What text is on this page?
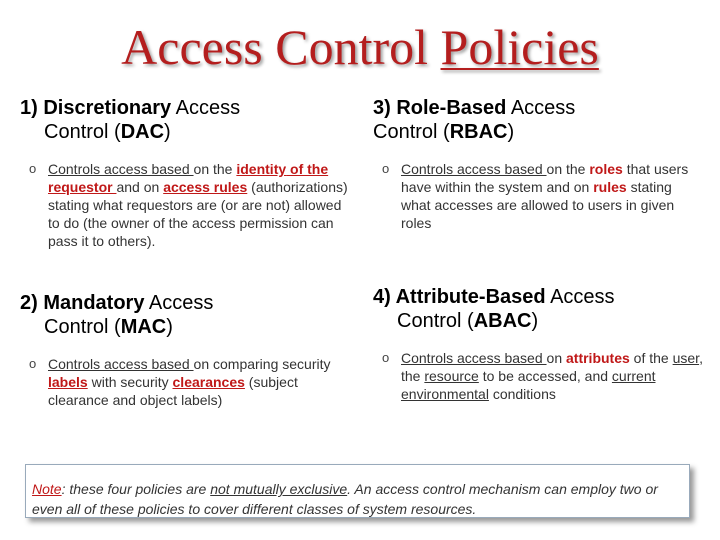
Access Control Policies
1) Discretionary Access
Control (DAC)
o Controls access based on the identity of the requestor and on access rules (authorizations) stating what requestors are (or are not) allowed to do (the owner of the access permission can pass it to others).
2) Mandatory Access
Control (MAC)
o Controls access based on comparing security labels with security clearances (subject clearance and object labels)
3) Role-Based Access
Control (RBAC)
o Controls access based on the roles that users have within the system and on rules stating what accesses are allowed to users in given roles
4) Attribute-Based Access
Control (ABAC)
o Controls access based on attributes of the user, the resource to be accessed, and current environmental conditions
Note: these four policies are not mutually exclusive. An access control mechanism can employ two or even all of these policies to cover different classes of system resources.
